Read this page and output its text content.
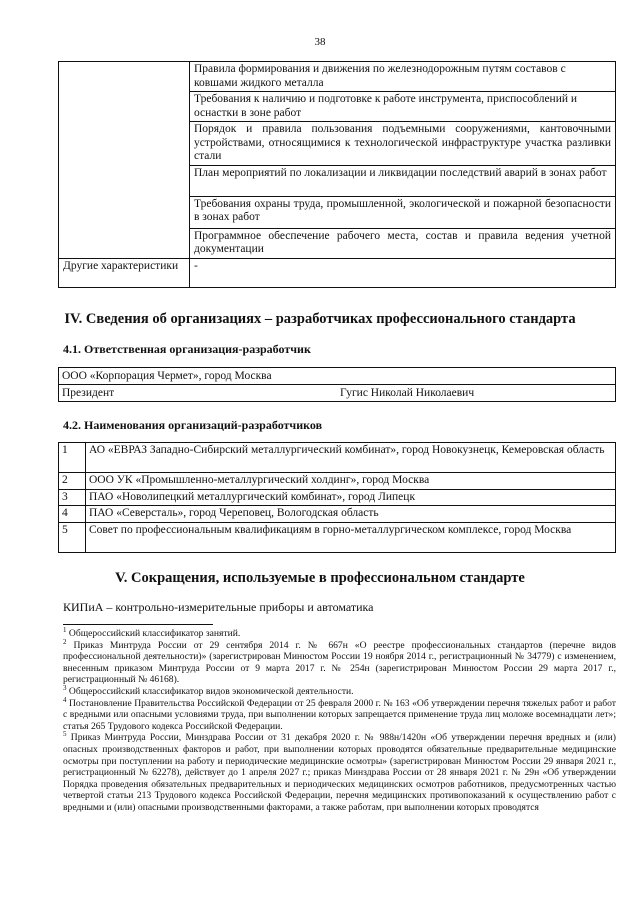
38
	Правила формирования и движения по железнодорожным путям составов с ковшами жидкого металла
	Требования к наличию и подготовке к работе инструмента, приспособлений и оснастки в зоне работ
	Порядок и правила пользования подъемными сооружениями, кантовочными устройствами, относящимися к технологической инфраструктуре участка разливки стали
	План мероприятий по локализации и ликвидации последствий аварий в зонах работ
	Требования охраны труда, промышленной, экологической и пожарной безопасности в зонах работ
	Программное обеспечение рабочего места, состав и правила ведения учетной документации
Другие характеристики	-
IV. Сведения об организациях – разработчиках профессионального стандарта
4.1. Ответственная организация-разработчик
ООО «Корпорация Чермет», город Москва
Президент	Гугис Николай Николаевич
4.2. Наименования организаций-разработчиков
1	АО «ЕВРАЗ Западно-Сибирский металлургический комбинат», город Новокузнецк, Кемеровская область
2	ООО УК «Промышленно-металлургический холдинг», город Москва
3	ПАО «Новолипецкий металлургический комбинат», город Липецк
4	ПАО «Северсталь», город Череповец, Вологодская область
5	Совет по профессиональным квалификациям в горно-металлургическом комплексе, город Москва
V. Сокращения, используемые в профессиональном стандарте
КИПиА – контрольно-измерительные приборы и автоматика

$^1$ Общероссийский классификатор занятий.

$^2$ Приказ Минтруда России от 29 сентября 2014 г. № 667н «О реестре профессиональных стандартов (перечне видов профессиональной деятельности)» (зарегистрирован Минюстом России 19 ноября 2014 г., регистрационный № 34779) с изменением, внесенным приказом Минтруда России от 9 марта 2017 г. № 254н (зарегистрирован Минюстом России 29 марта 2017 г., регистрационный № 46168).

$^3$ Общероссийский классификатор видов экономической деятельности.

$^4$ Постановление Правительства Российской Федерации от 25 февраля 2000 г. № 163 «Об утверждении перечня тяжелых работ и работ с вредными или опасными условиями труда, при выполнении которых запрещается применение труда лиц моложе восемнадцати лет»; статья 265 Трудового кодекса Российской Федерации.

$^5$ Приказ Минтруда России, Минздрава России от 31 декабря 2020 г. № 988н/1420н «Об утверждении перечня вредных и (или) опасных производственных факторов и работ, при выполнении которых проводятся обязательные предварительные медицинские осмотры при поступлении на работу и периодические медицинские осмотры» (зарегистрирован Минюстом России 29 января 2021 г., регистрационный № 62278), действует до 1 апреля 2027 г.; приказ Минздрава России от 28 января 2021 г. № 29н «Об утверждении Порядка проведения обязательных предварительных и периодических медицинских осмотров работников, предусмотренных частью четвертой статьи 213 Трудового кодекса Российской Федерации, перечня медицинских противопоказаний к осуществлению работ с вредными и (или) опасными производственными факторами, а также работам, при выполнении которых проводятся
